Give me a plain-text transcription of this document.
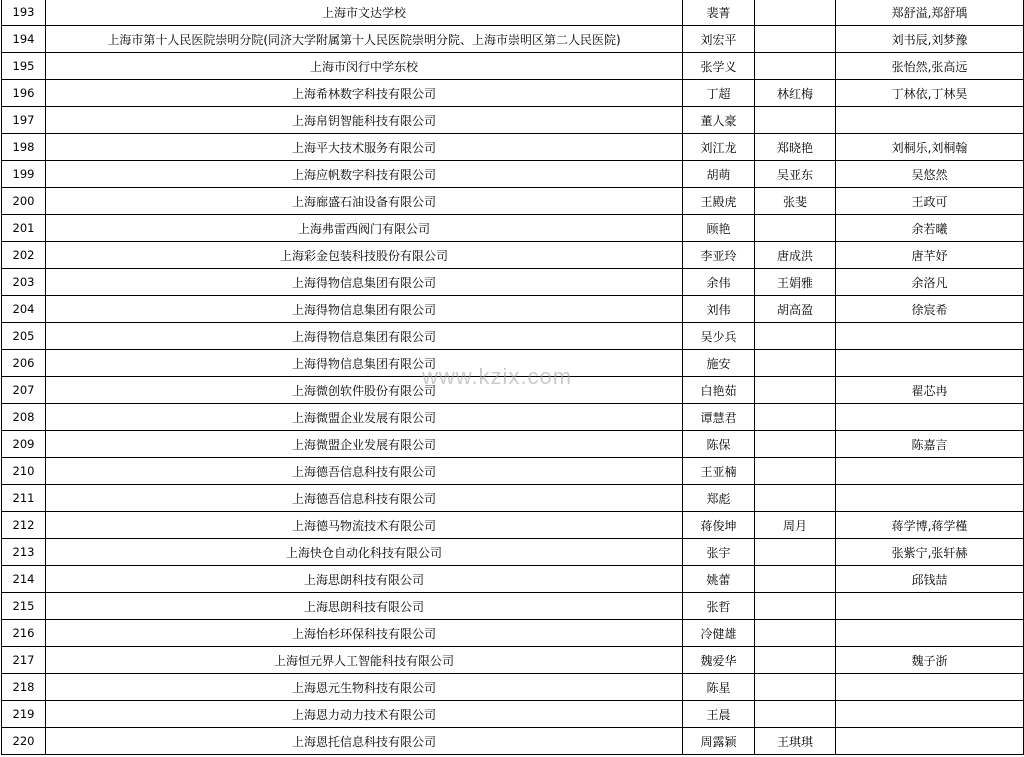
193	上海市文达学校	裴菁		郑舒溢,郑舒瑀
194	上海市第十人民医院崇明分院(同济大学附属第十人民医院崇明分院、上海市崇明区第二人民医院)	刘宏平		刘书辰,刘梦豫
195	上海市闵行中学东校	张学义		张怡然,张高远
196	上海希林数字科技有限公司	丁超	林红梅	丁林依,丁林昊
197	上海帛钥智能科技有限公司	董人豪		
198	上海平大技术服务有限公司	刘江龙	郑晓艳	刘桐乐,刘桐翰
199	上海应帆数字科技有限公司	胡萌	吴亚东	吴悠然
200	上海廊盛石油设备有限公司	王殿虎	张斐	王政可
201	上海弗雷西阀门有限公司	顾艳		余若曦
202	上海彩金包装科技股份有限公司	李亚玲	唐成洪	唐芊妤
203	上海得物信息集团有限公司	余伟	王娟雅	余洛凡
204	上海得物信息集团有限公司	刘伟	胡高盈	徐宸希
205	上海得物信息集团有限公司	吴少兵		
206	上海得物信息集团有限公司	施安		
207	上海微创软件股份有限公司	白艳茹		翟芯冉
208	上海微盟企业发展有限公司	谭慧君		
209	上海微盟企业发展有限公司	陈保		陈嘉言
210	上海德吾信息科技有限公司	王亚楠		
211	上海德吾信息科技有限公司	郑彪		
212	上海德马物流技术有限公司	蒋俊坤	周月	蒋学博,蒋学槿
213	上海快仓自动化科技有限公司	张宇		张紫宁,张轩赫
214	上海思朗科技有限公司	姚蕾		邱钱喆
215	上海思朗科技有限公司	张哲		
216	上海怡杉环保科技有限公司	冷健雄		
217	上海恒元界人工智能科技有限公司	魏爱华		魏子浙
218	上海恩元生物科技有限公司	陈星		
219	上海恩力动力技术有限公司	王晨		
220	上海恩托信息科技有限公司	周露颖	王琪琪	
www.kzix.com
